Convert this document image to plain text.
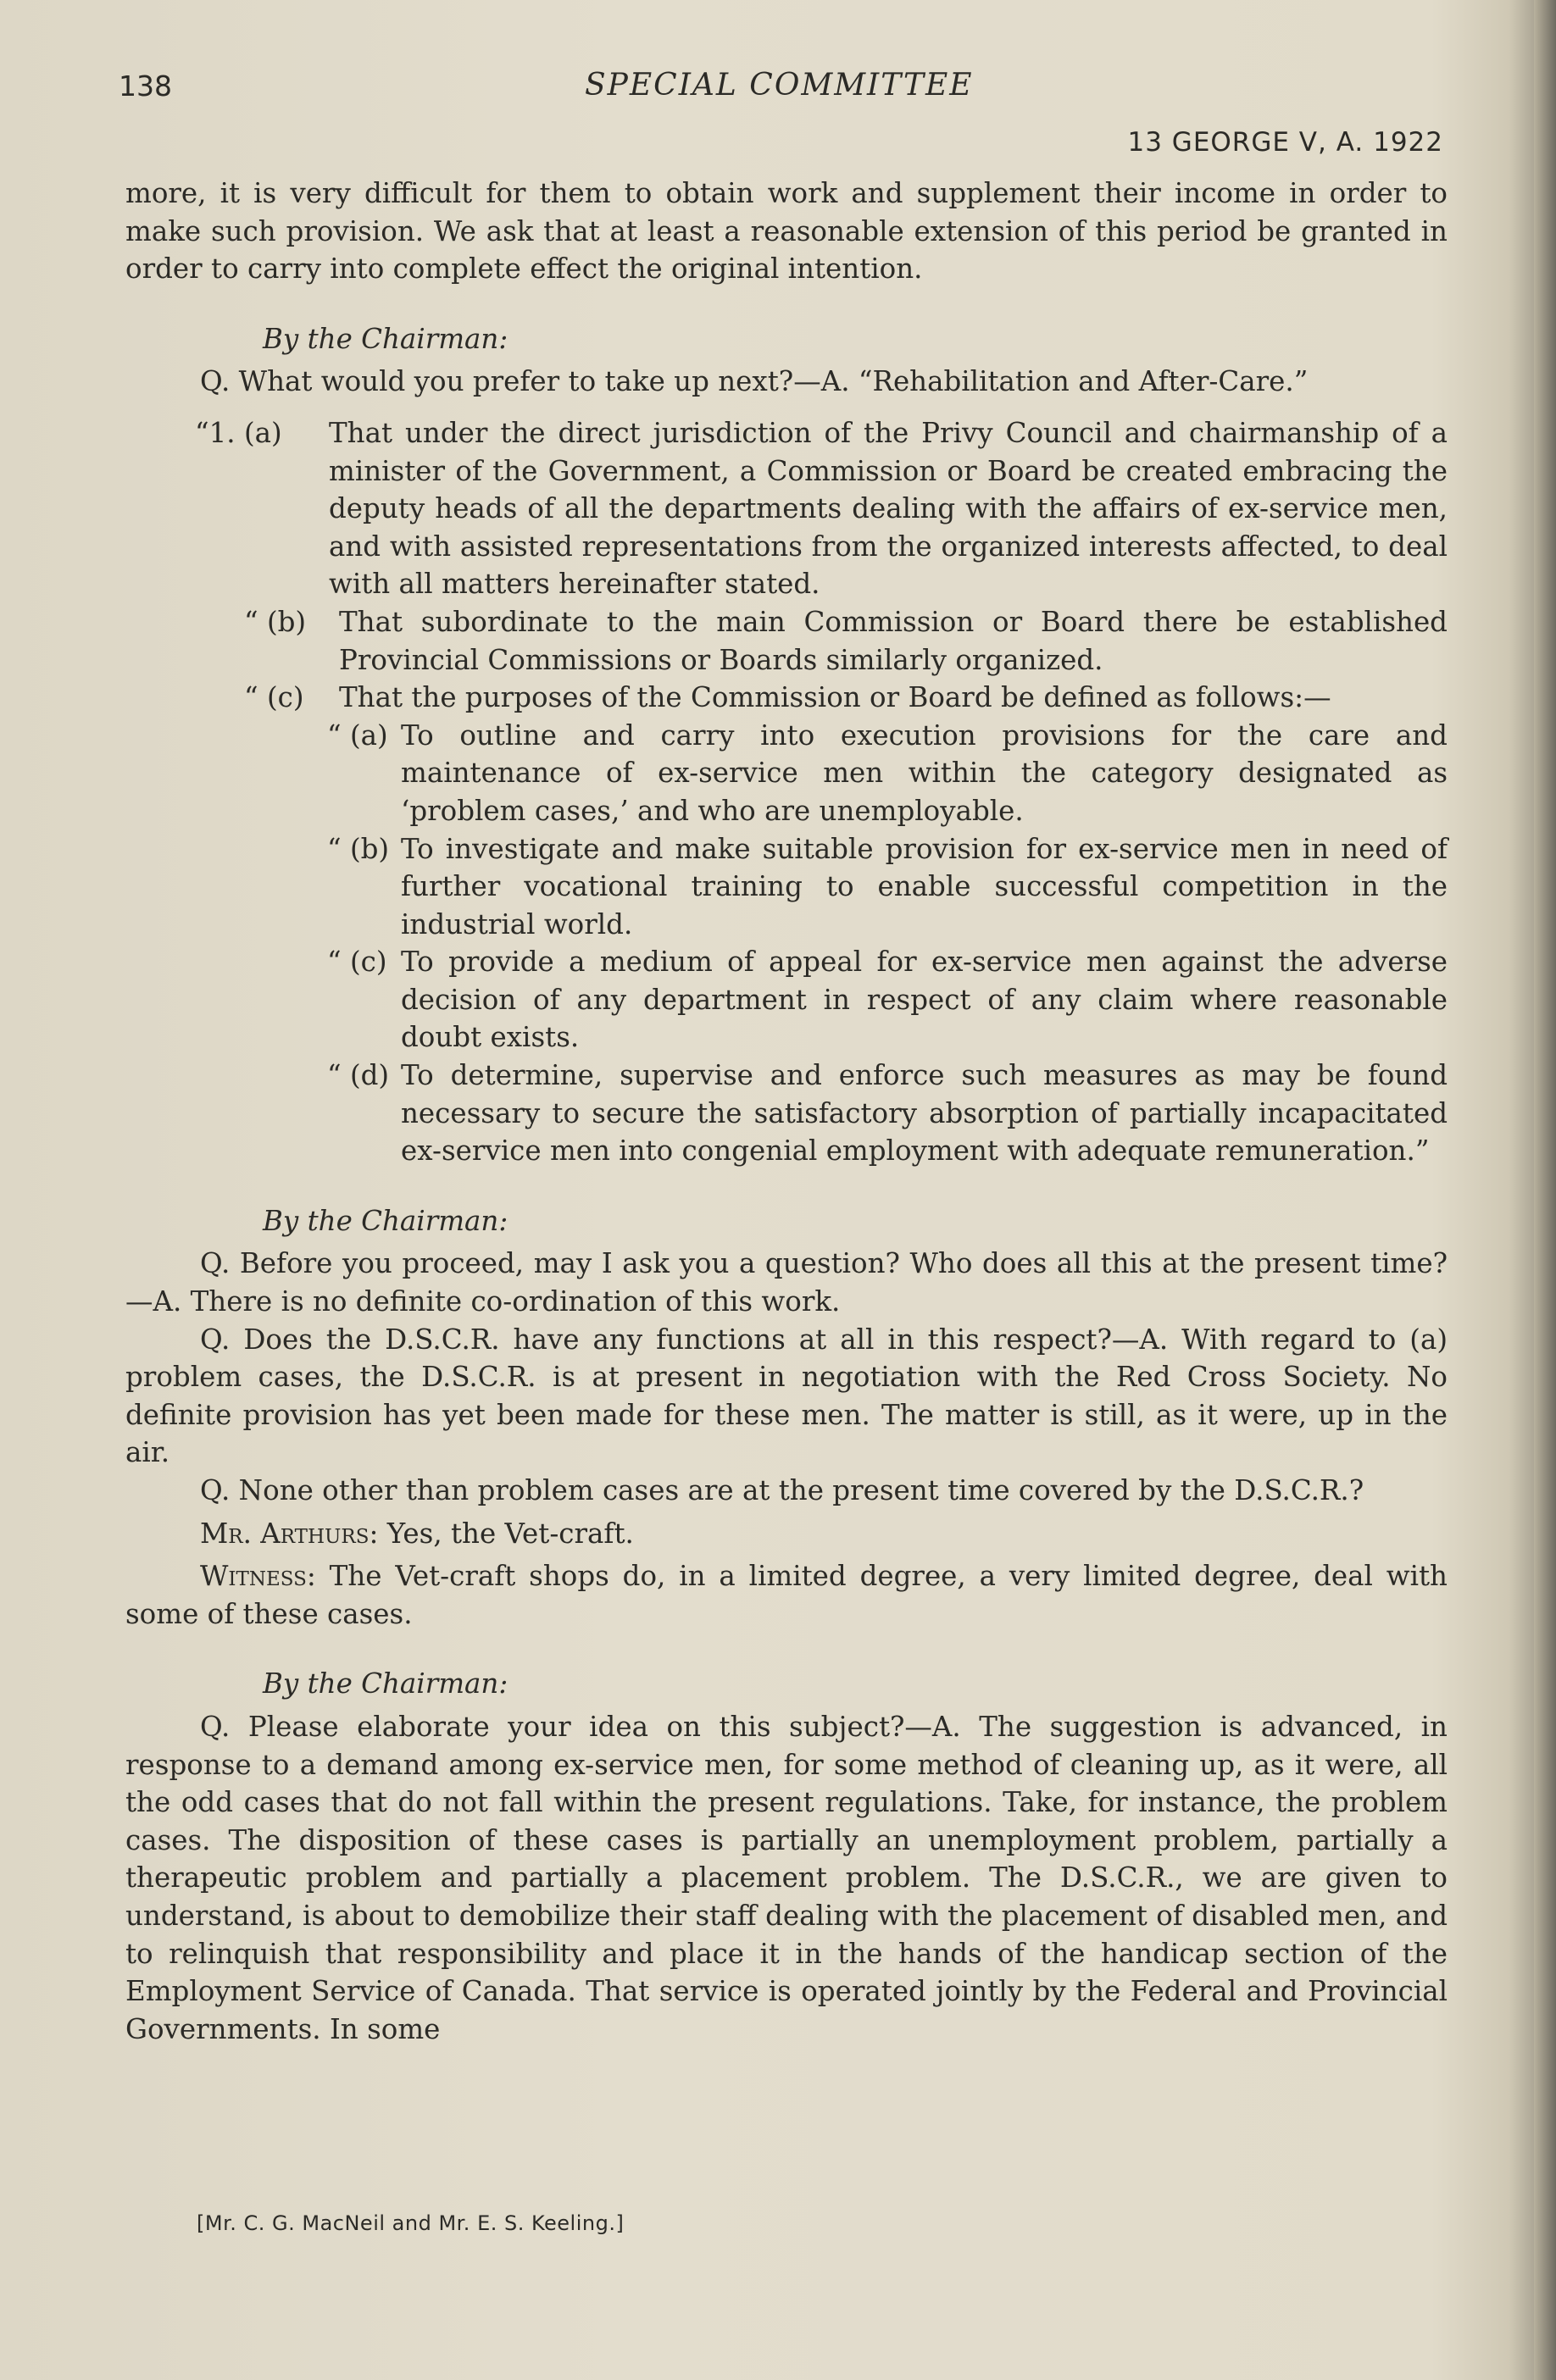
138	SPECIAL COMMITTEE
13 GEORGE V, A. 1922

more, it is very difficult for them to obtain work and supplement their income in order to make such provision. We ask that at least a reasonable extension of this period be granted in order to carry into complete effect the original intention.

By the Chairman:

Q. What would you prefer to take up next?—A. “Rehabilitation and After-Care.”

“1. (a) That under the direct jurisdiction of the Privy Council and chairmanship of a minister of the Government, a Commission or Board be created embracing the deputy heads of all the departments dealing with the affairs of ex-service men, and with assisted representations from the organized interests affected, to deal with all matters hereinafter stated.
“ (b) That subordinate to the main Commission or Board there be established Provincial Commissions or Boards similarly organized.
“ (c) That the purposes of the Commission or Board be defined as follows:—
“ (a) To outline and carry into execution provisions for the care and maintenance of ex-service men within the category designated as ‘problem cases,’ and who are unemployable.
“ (b) To investigate and make suitable provision for ex-service men in need of further vocational training to enable successful competition in the industrial world.
“ (c) To provide a medium of appeal for ex-service men against the adverse decision of any department in respect of any claim where reasonable doubt exists.
“ (d) To determine, supervise and enforce such measures as may be found necessary to secure the satisfactory absorption of partially incapacitated ex-service men into congenial employment with adequate remuneration.”

By the Chairman:

Q. Before you proceed, may I ask you a question? Who does all this at the present time?—A. There is no definite co-ordination of this work.

Q. Does the D.S.C.R. have any functions at all in this respect?—A. With regard to (a) problem cases, the D.S.C.R. is at present in negotiation with the Red Cross Society. No definite provision has yet been made for these men. The matter is still, as it were, up in the air.

Q. None other than problem cases are at the present time covered by the D.S.C.R.?

Mr. Arthurs: Yes, the Vet-craft.

Witness: The Vet-craft shops do, in a limited degree, a very limited degree, deal with some of these cases.

By the Chairman:

Q. Please elaborate your idea on this subject?—A. The suggestion is advanced, in response to a demand among ex-service men, for some method of cleaning up, as it were, all the odd cases that do not fall within the present regulations. Take, for instance, the problem cases. The disposition of these cases is partially an unemployment problem, partially a therapeutic problem and partially a placement problem. The D.S.C.R., we are given to understand, is about to demobilize their staff dealing with the placement of disabled men, and to relinquish that responsibility and place it in the hands of the handicap section of the Employment Service of Canada. That service is operated jointly by the Federal and Provincial Governments. In some

[Mr. C. G. MacNeil and Mr. E. S. Keeling.]
